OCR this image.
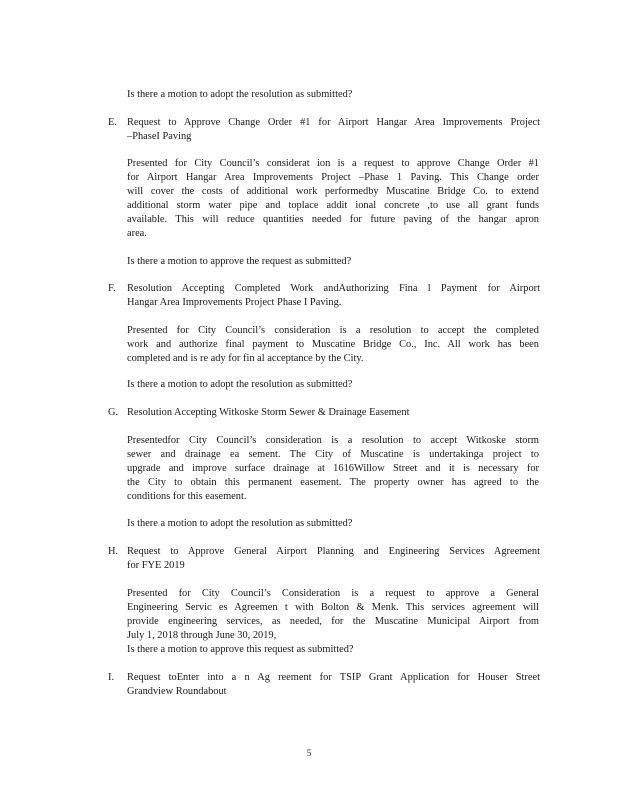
Is there a motion to adopt the resolution as submitted?
E. Request to Approve Change Order #1 for Airport Hangar Area Improvements Project
–PhaseI Paving
Presented for City Council’s considerat ion is a request to approve Change Order #1
for Airport Hangar Area Improvements Project –Phase 1 Paving. This Change order
will cover the costs of additional work performedby Muscatine Bridge Co. to extend
additional storm water pipe and toplace addit ional concrete ,to use all grant funds
available. This will reduce quantities needed for future paving of the hangar apron
area.
Is there a motion to approve the request as submitted?
F. Resolution Accepting Completed Work andAuthorizing Fina l Payment for Airport
Hangar Area Improvements Project Phase I Paving.
Presented for City Council’s consideration is a resolution to accept the completed
work and authorize final payment to Muscatine Bridge Co., Inc. All work has been
completed and is re ady for fin al acceptance by the City.
Is there a motion to adopt the resolution as submitted?
G. Resolution Accepting Witkoske Storm Sewer & Drainage Easement
Presentedfor City Council’s consideration is a resolution to accept Witkoske storm
sewer and drainage ea sement. The City of Muscatine is undertakinga project to
upgrade and improve surface drainage at 1616Willow Street and it is necessary for
the City to obtain this permanent easement. The property owner has agreed to the
conditions for this easement.
Is there a motion to adopt the resolution as submitted?
H. Request to Approve General Airport Planning and Engineering Services Agreement
for FYE 2019
Presented for City Council’s Consideration is a request to approve a General
Engineering Servic es Agreemen t with Bolton & Menk. This services agreement will
provide engineering services, as needed, for the Muscatine Municipal Airport from
July 1, 2018 through June 30, 2019,
Is there a motion to approve this request as submitted?
I. Request toEnter into a n Ag reement for TSIP Grant Application for Houser Street
Grandview Roundabout
5
